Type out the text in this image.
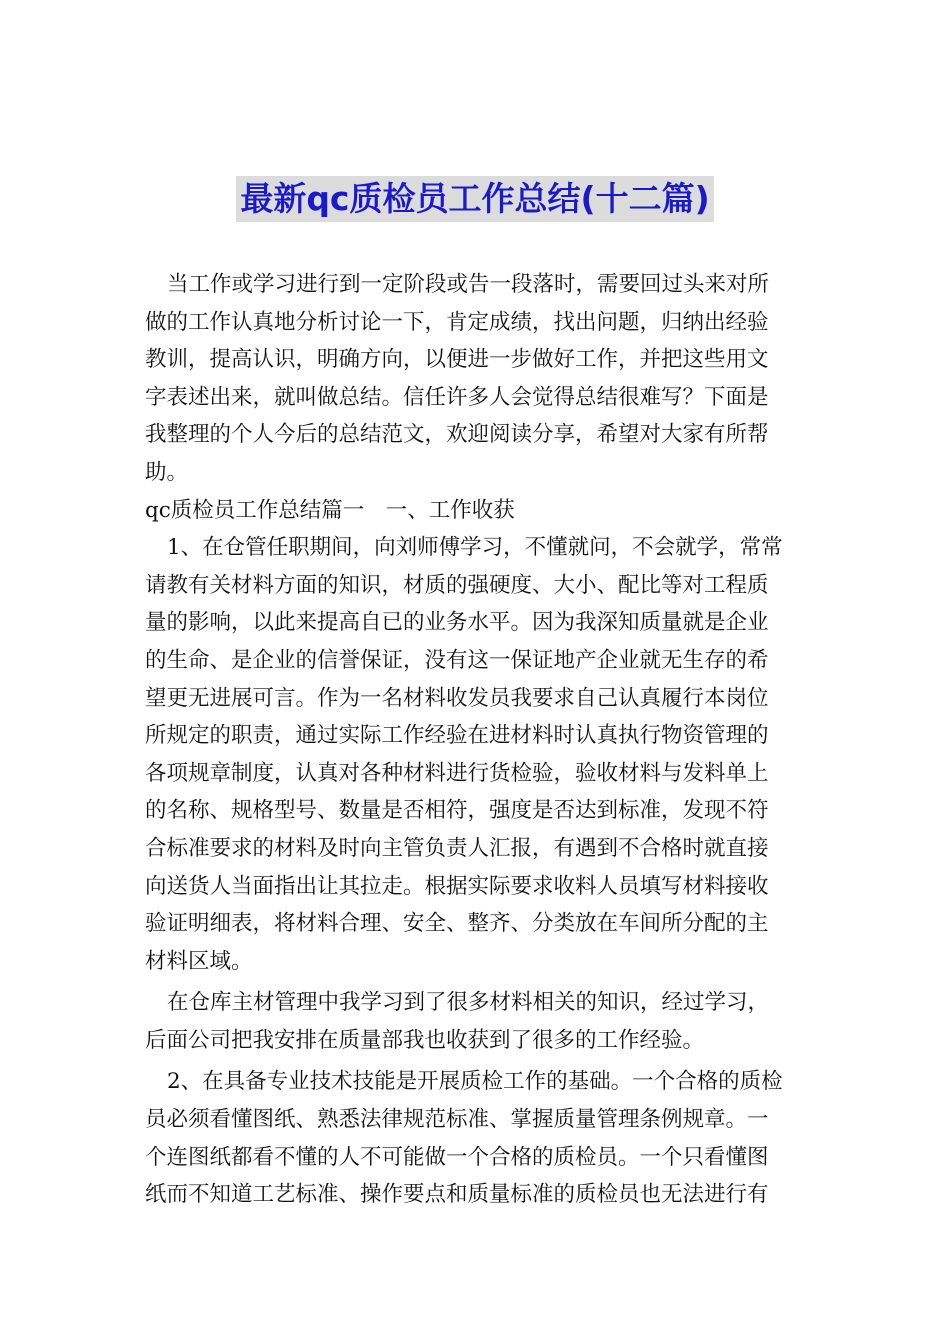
最新qc质检员工作总结(十二篇)
当工作或学习进行到一定阶段或告一段落时，需要回过头来对所
做的工作认真地分析讨论一下，肯定成绩，找出问题，归纳出经验
教训，提高认识，明确方向，以便进一步做好工作，并把这些用文
字表述出来，就叫做总结。信任许多人会觉得总结很难写？下面是
我整理的个人今后的总结范文，欢迎阅读分享，希望对大家有所帮
助。
qc质检员工作总结篇一　一、工作收获
1、在仓管任职期间，向刘师傅学习，不懂就问，不会就学，常常
请教有关材料方面的知识，材质的强硬度、大小、配比等对工程质
量的影响，以此来提高自已的业务水平。因为我深知质量就是企业
的生命、是企业的信誉保证，没有这一保证地产企业就无生存的希
望更无进展可言。作为一名材料收发员我要求自己认真履行本岗位
所规定的职责，通过实际工作经验在进材料时认真执行物资管理的
各项规章制度，认真对各种材料进行货检验，验收材料与发料单上
的名称、规格型号、数量是否相符，强度是否达到标准，发现不符
合标准要求的材料及时向主管负责人汇报，有遇到不合格时就直接
向送货人当面指出让其拉走。根据实际要求收料人员填写材料接收
验证明细表，将材料合理、安全、整齐、分类放在车间所分配的主
材料区域。
在仓库主材管理中我学习到了很多材料相关的知识，经过学习，
后面公司把我安排在质量部我也收获到了很多的工作经验。
2、在具备专业技术技能是开展质检工作的基础。一个合格的质检
员必须看懂图纸、熟悉法律规范标准、掌握质量管理条例规章。一
个连图纸都看不懂的人不可能做一个合格的质检员。一个只看懂图
纸而不知道工艺标准、操作要点和质量标准的质检员也无法进行有
